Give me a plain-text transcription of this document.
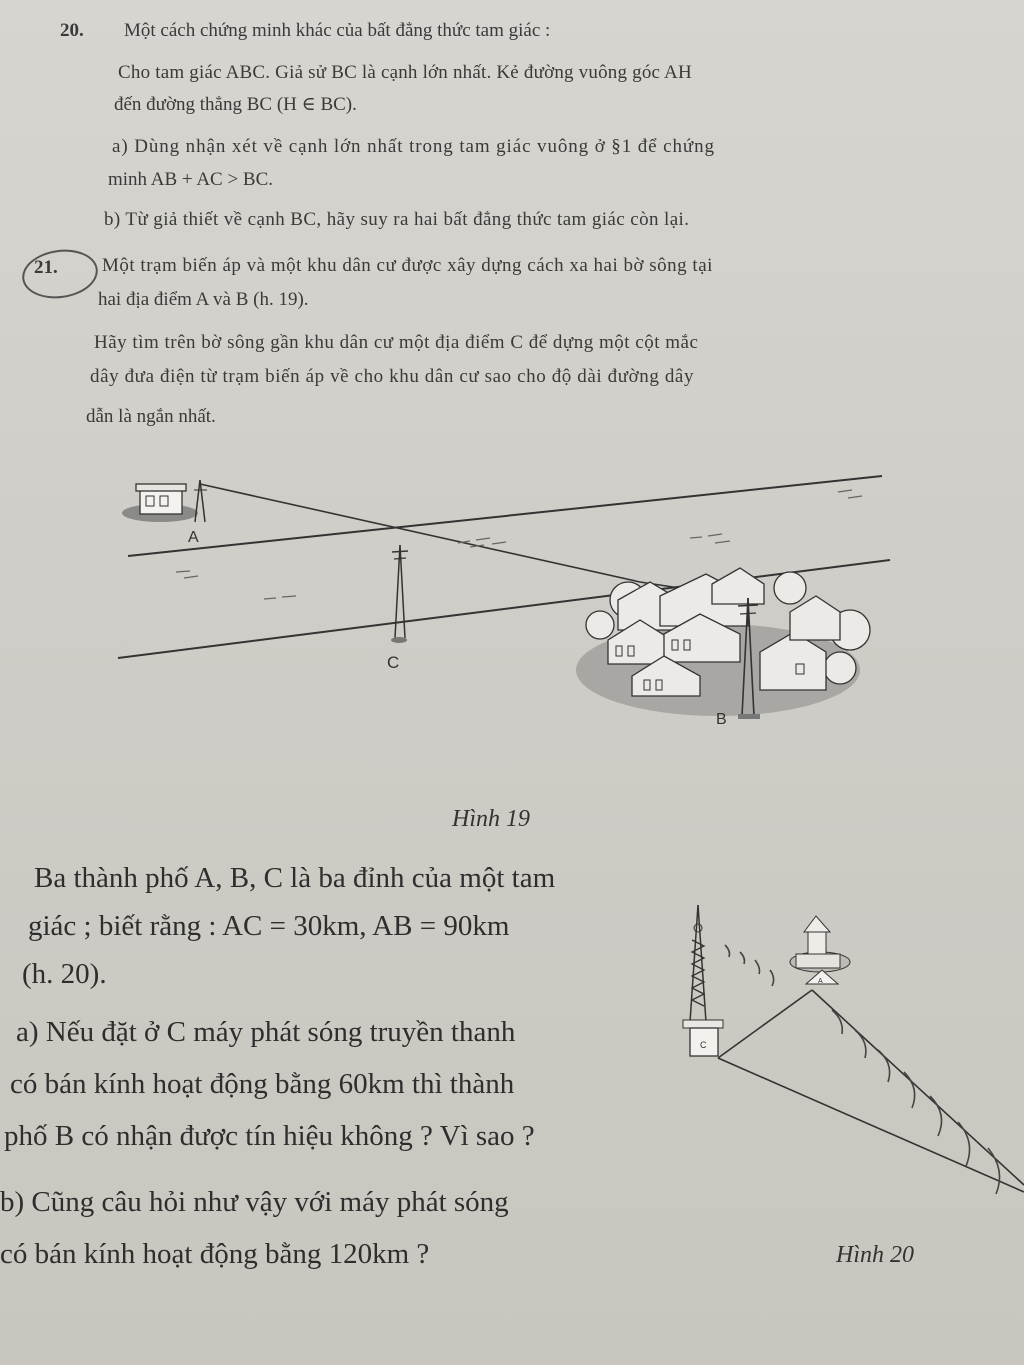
20. Một cách chứng minh khác của bất đẳng thức tam giác :
Cho tam giác ABC. Giả sử BC là cạnh lớn nhất. Kẻ đường vuông góc AH
đến đường thẳng BC (H ∈ BC).
a) Dùng nhận xét về cạnh lớn nhất trong tam giác vuông ở §1 để chứng
minh AB + AC > BC.
b) Từ giả thiết về cạnh BC, hãy suy ra hai bất đẳng thức tam giác còn lại.
21. Một trạm biến áp và một khu dân cư được xây dựng cách xa hai bờ sông tại
hai địa điểm A và B (h. 19).
Hãy tìm trên bờ sông gần khu dân cư một địa điểm C để dựng một cột mắc
dây đưa điện từ trạm biến áp về cho khu dân cư sao cho độ dài đường dây
dẫn là ngắn nhất.
A
C
B
Hình 19
Ba thành phố A, B, C là ba đỉnh của một tam
giác ; biết rằng : AC = 30km, AB = 90km
(h. 20).
a) Nếu đặt ở C máy phát sóng truyền thanh
có bán kính hoạt động bằng 60km thì thành
phố B có nhận được tín hiệu không ? Vì sao ?
b) Cũng câu hỏi như vậy với máy phát sóng
có bán kính hoạt động bằng 120km ?
C
A
Hình 20
